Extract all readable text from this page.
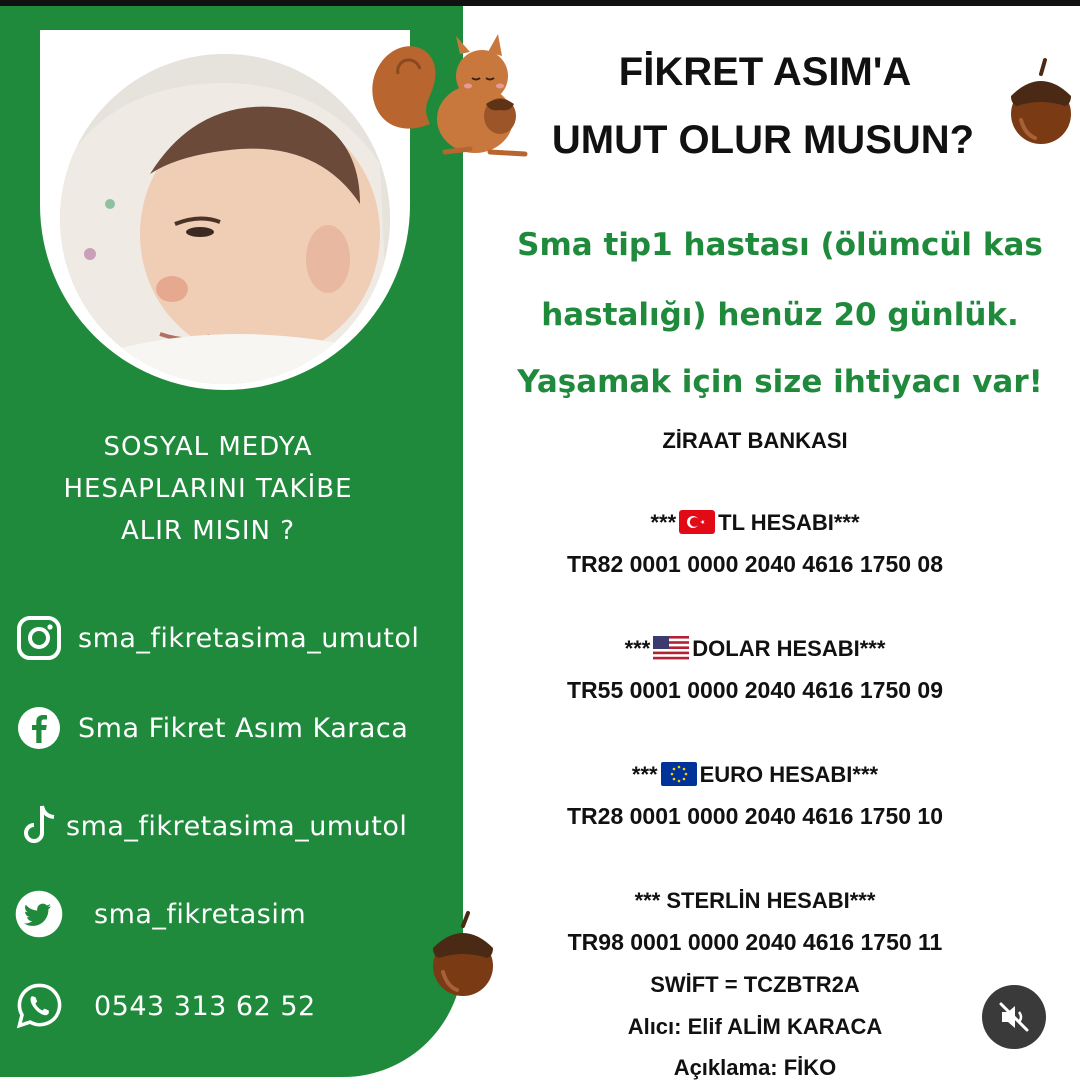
SOSYAL MEDYA
HESAPLARINI TAKİBE
ALIR MISIN ?
sma_fikretasima_umutol
Sma Fikret Asım Karaca
sma_fikretasima_umutol
sma_fikretasim
0543 313 62 52
FİKRET ASIM'A
UMUT OLUR MUSUN?
Sma tip1 hastası (ölümcül kas
hastalığı) henüz 20 günlük.
Yaşamak için size ihtiyacı var!
ZİRAAT BANKASI
*** TL HESABI***
TR82 0001 0000 2040 4616 1750 08
*** DOLAR HESABI***
TR55 0001 0000 2040 4616 1750 09
*** EURO HESABI***
TR28 0001 0000 2040 4616 1750 10
*** STERLİN HESABI***
TR98 0001 0000 2040 4616 1750 11
SWİFT = TCZBTR2A
Alıcı: Elif ALİM KARACA
Açıklama: FİKO
